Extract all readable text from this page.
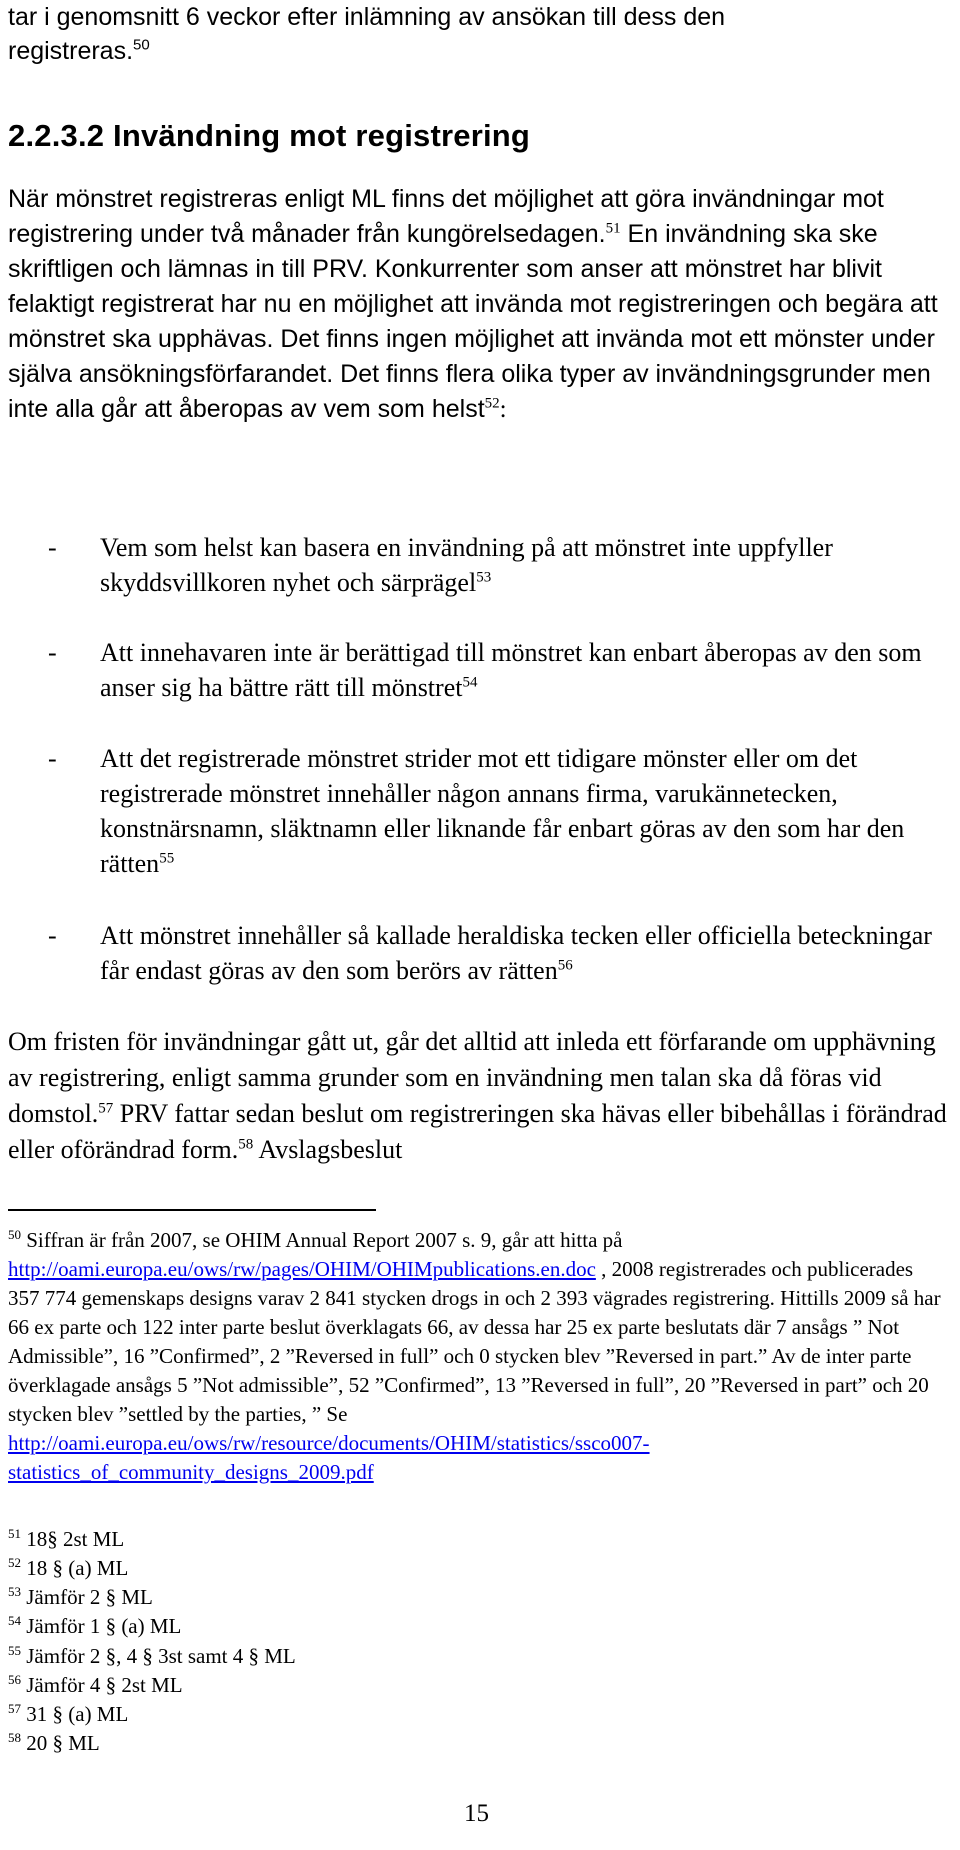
tar i genomsnitt 6 veckor efter inlämning av ansökan till dess den
registreras.$^{50}$
2.2.3.2 Invändning mot registrering
När mönstret registreras enligt ML finns det möjlighet att göra invändningar mot registrering under två månader från kungörelsedagen.$^{51}$ En invändning ska ske skriftligen och lämnas in till PRV. Konkurrenter som anser att mönstret har blivit felaktigt registrerat har nu en möjlighet att invända mot registreringen och begära att mönstret ska upphävas. Det finns ingen möjlighet att invända mot ett mönster under själva ansökningsförfarandet. Det finns flera olika typer av invändningsgrunder men inte alla går att åberopas av vem som helst$^{52}$:
- Vem som helst kan basera en invändning på att mönstret inte uppfyller skyddsvillkoren nyhet och särprägel$^{53}$
- Att innehavaren inte är berättigad till mönstret kan enbart åberopas av den som anser sig ha bättre rätt till mönstret$^{54}$
- Att det registrerade mönstret strider mot ett tidigare mönster eller om det registrerade mönstret innehåller någon annans firma, varukännetecken, konstnärsnamn, släktnamn eller liknande får enbart göras av den som har den rätten$^{55}$
- Att mönstret innehåller så kallade heraldiska tecken eller officiella beteckningar får endast göras av den som berörs av rätten$^{56}$
Om fristen för invändningar gått ut, går det alltid att inleda ett förfarande om upphävning av registrering, enligt samma grunder som en invändning men talan ska då föras vid domstol.$^{57}$ PRV fattar sedan beslut om registreringen ska hävas eller bibehållas i förändrad eller oförändrad form.$^{58}$ Avslagsbeslut
$^{50}$ Siffran är från 2007, se OHIM Annual Report 2007 s. 9, går att hitta på http://oami.europa.eu/ows/rw/pages/OHIM/OHIMpublications.en.doc , 2008 registrerades och publicerades 357 774 gemenskaps designs varav 2 841 stycken drogs in och 2 393 vägrades registrering. Hittills 2009 så har 66 ex parte och 122 inter parte beslut överklagats 66, av dessa har 25 ex parte beslutats där 7 ansågs ” Not Admissible”, 16 ”Confirmed”, 2 ”Reversed in full” och 0 stycken blev ”Reversed in part.” Av de inter parte överklagade ansågs 5 ”Not admissible”, 52 ”Confirmed”, 13 ”Reversed in full”, 20 ”Reversed in part” och 20 stycken blev ”settled by the parties, ” Se http://oami.europa.eu/ows/rw/resource/documents/OHIM/statistics/ssco007-statistics_of_community_designs_2009.pdf
$^{51}$ 18§ 2st ML
$^{52}$ 18 § (a) ML
$^{53}$ Jämför 2 § ML
$^{54}$ Jämför 1 § (a) ML
$^{55}$ Jämför 2 §, 4 § 3st samt 4 § ML
$^{56}$ Jämför 4 § 2st ML
$^{57}$ 31 § (a) ML
$^{58}$ 20 § ML
15
